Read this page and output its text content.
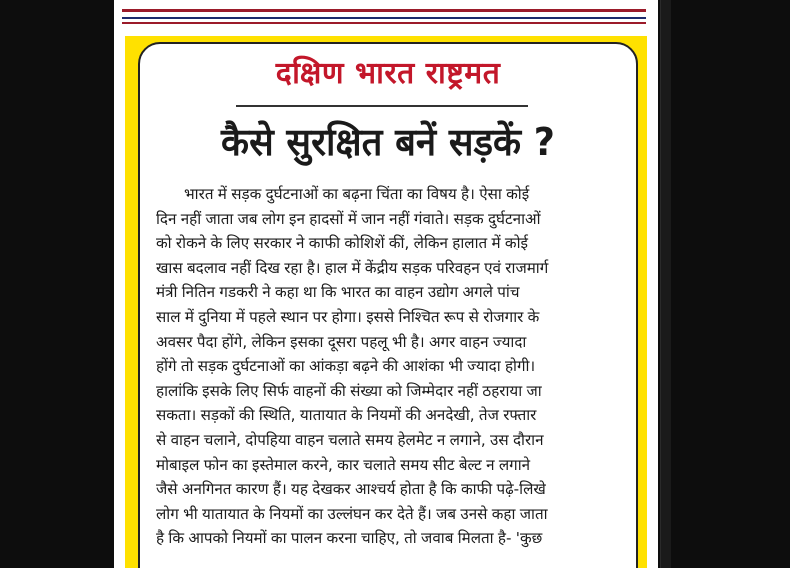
दक्षिण भारत राष्ट्रमत
कैसे सुरक्षित बनें सड़कें ?
भारत में सड़क दुर्घटनाओं का बढ़ना चिंता का विषय है। ऐसा कोई
दिन नहीं जाता जब लोग इन हादसों में जान नहीं गंवाते। सड़क दुर्घटनाओं
को रोकने के लिए सरकार ने काफी कोशिशें कीं, लेकिन हालात में कोई
खास बदलाव नहीं दिख रहा है। हाल में केंद्रीय सड़क परिवहन एवं राजमार्ग
मंत्री नितिन गडकरी ने कहा था कि भारत का वाहन उद्योग अगले पांच
साल में दुनिया में पहले स्थान पर होगा। इससे निश्चित रूप से रोजगार के
अवसर पैदा होंगे, लेकिन इसका दूसरा पहलू भी है। अगर वाहन ज्यादा
होंगे तो सड़क दुर्घटनाओं का आंकड़ा बढ़ने की आशंका भी ज्यादा होगी।
हालांकि इसके लिए सिर्फ वाहनों की संख्या को जिम्मेदार नहीं ठहराया जा
सकता। सड़कों की स्थिति, यातायात के नियमों की अनदेखी, तेज रफ्तार
से वाहन चलाने, दोपहिया वाहन चलाते समय हेलमेट न लगाने, उस दौरान
मोबाइल फोन का इस्तेमाल करने, कार चलाते समय सीट बेल्ट न लगाने
जैसे अनगिनत कारण हैं। यह देखकर आश्चर्य होता है कि काफी पढ़े-लिखे
लोग भी यातायात के नियमों का उल्लंघन कर देते हैं। जब उनसे कहा जाता
है कि आपको नियमों का पालन करना चाहिए, तो जवाब मिलता है- 'कुछ
